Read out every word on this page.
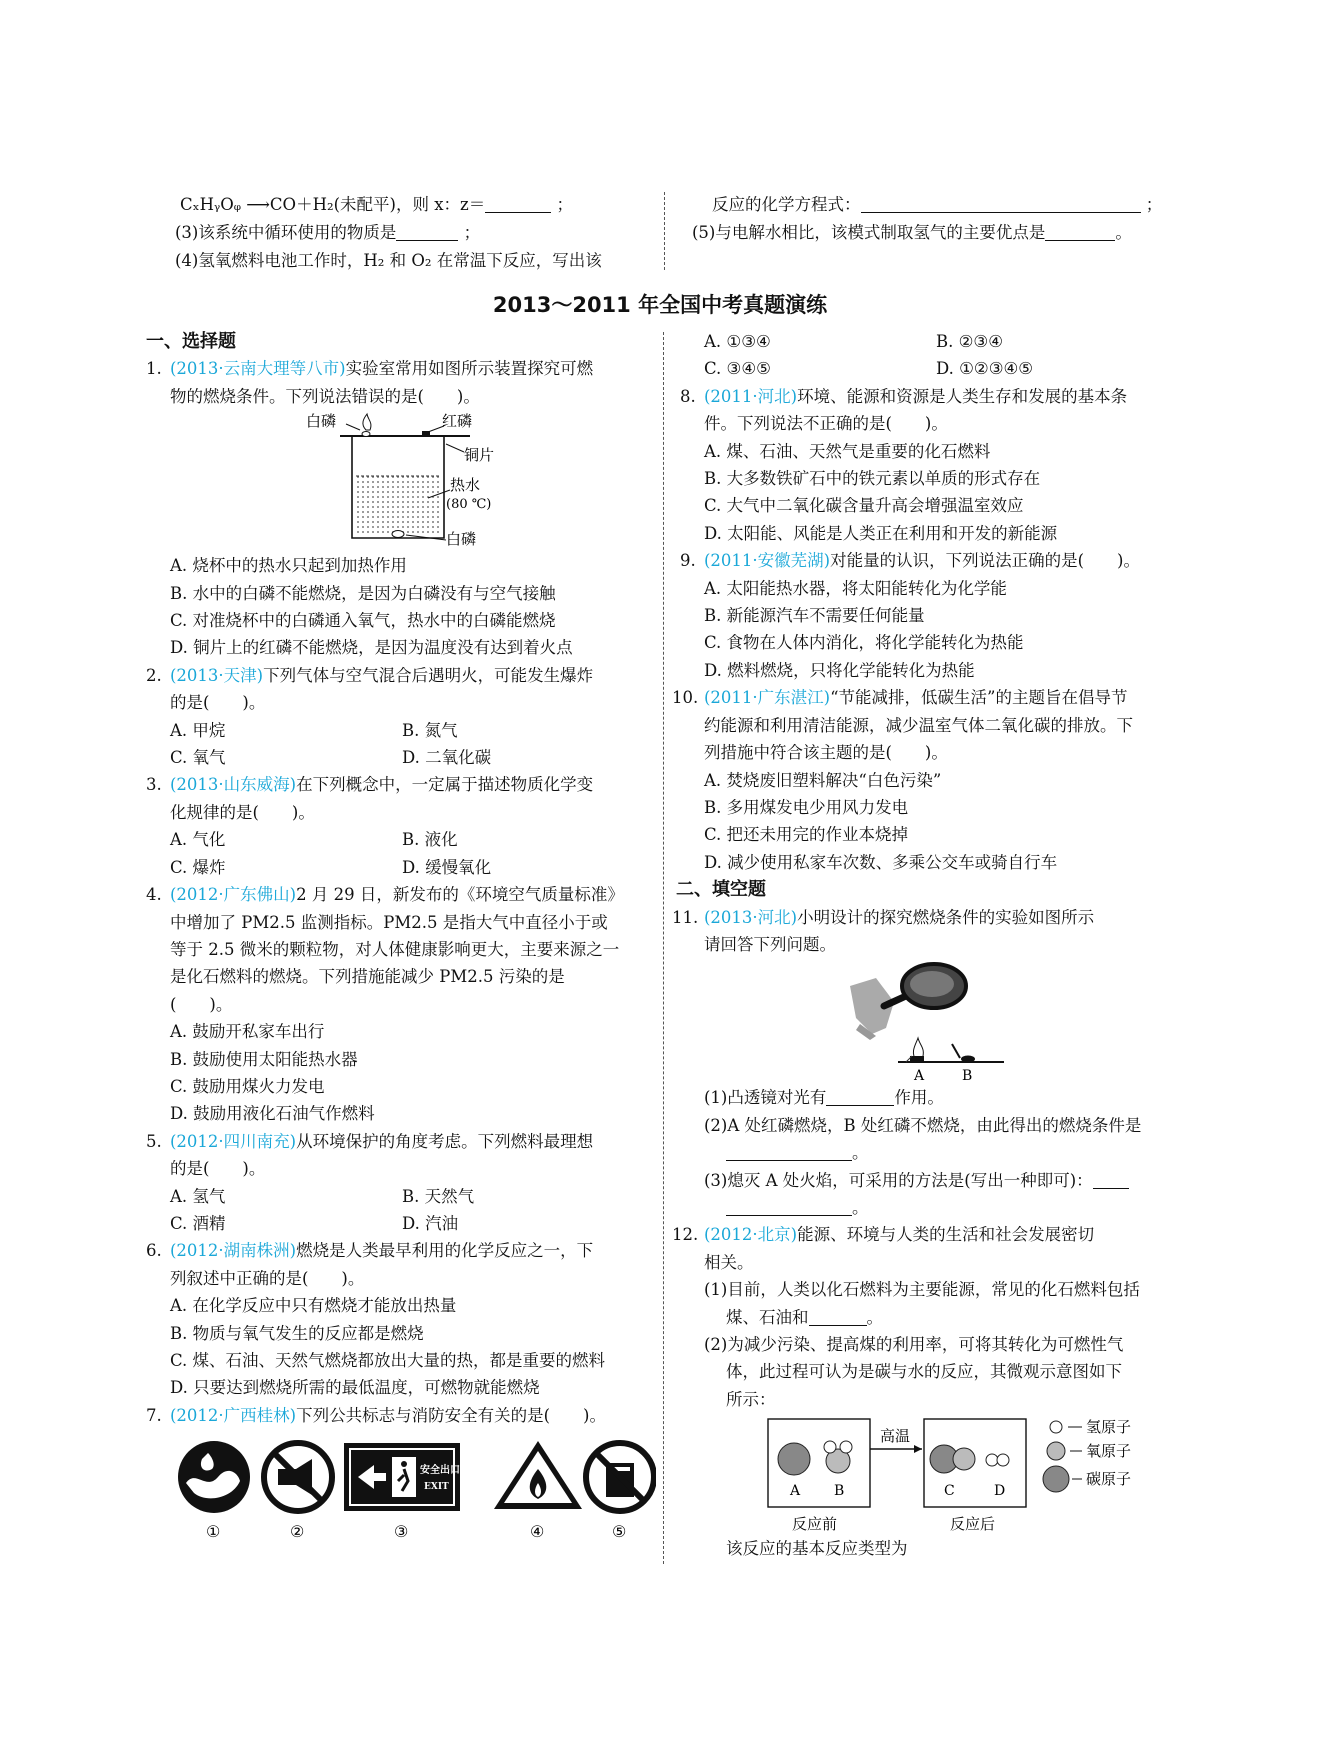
CₓHᵧOᵩ ⟶CO＋H₂(未配平)，则 x：z＝	；

(3)该系统中循环使用的物质是	；

(4)氢氧燃料电池工作时，H₂ 和 O₂ 在常温下反应，写出该

反应的化学方程式：	；

(5)与电解水相比，该模式制取氢气的主要优点是	。

2013～2011 年全国中考真题演练

一、选择题

1. (2013·云南大理等八市)实验室常用如图所示装置探究可燃

物的燃烧条件。下列说法错误的是(　　)。

白磷	红磷
铜片
热水
(80 ℃)
白磷

A. 烧杯中的热水只起到加热作用

B. 水中的白磷不能燃烧，是因为白磷没有与空气接触

C. 对准烧杯中的白磷通入氧气，热水中的白磷能燃烧

D. 铜片上的红磷不能燃烧，是因为温度没有达到着火点

2. (2013·天津)下列气体与空气混合后遇明火，可能发生爆炸

的是(　　)。

A. 甲烷	B. 氮气

C. 氧气	D. 二氧化碳

3. (2013·山东威海)在下列概念中，一定属于描述物质化学变

化规律的是(　　)。

A. 气化	B. 液化

C. 爆炸	D. 缓慢氧化

4. (2012·广东佛山)2 月 29 日，新发布的《环境空气质量标准》

中增加了 PM2.5 监测指标。PM2.5 是指大气中直径小于或

等于 2.5 微米的颗粒物，对人体健康影响更大，主要来源之一

是化石燃料的燃烧。下列措施能减少 PM2.5 污染的是

(　　)。

A. 鼓励开私家车出行

B. 鼓励使用太阳能热水器

C. 鼓励用煤火力发电

D. 鼓励用液化石油气作燃料

5. (2012·四川南充)从环境保护的角度考虑。下列燃料最理想

的是(　　)。

A. 氢气	B. 天然气

C. 酒精	D. 汽油

6. (2012·湖南株洲)燃烧是人类最早利用的化学反应之一，下

列叙述中正确的是(　　)。

A. 在化学反应中只有燃烧才能放出热量

B. 物质与氧气发生的反应都是燃烧

C. 煤、石油、天然气燃烧都放出大量的热，都是重要的燃料

D. 只要达到燃烧所需的最低温度，可燃物就能燃烧

7. (2012·广西桂林)下列公共标志与消防安全有关的是(　　)。

安全出口
EXIT
①	②	③	④	⑤

A. ①③④	B. ②③④

C. ③④⑤	D. ①②③④⑤

8. (2011·河北)环境、能源和资源是人类生存和发展的基本条

件。下列说法不正确的是(　　)。

A. 煤、石油、天然气是重要的化石燃料

B. 大多数铁矿石中的铁元素以单质的形式存在

C. 大气中二氧化碳含量升高会增强温室效应

D. 太阳能、风能是人类正在利用和开发的新能源

9. (2011·安徽芜湖)对能量的认识，下列说法正确的是(　　)。

A. 太阳能热水器，将太阳能转化为化学能

B. 新能源汽车不需要任何能量

C. 食物在人体内消化，将化学能转化为热能

D. 燃料燃烧，只将化学能转化为热能

10. (2011·广东湛江)“节能减排，低碳生活”的主题旨在倡导节

约能源和利用清洁能源，减少温室气体二氧化碳的排放。下

列措施中符合该主题的是(　　)。

A. 焚烧废旧塑料解决“白色污染”

B. 多用煤发电少用风力发电

C. 把还未用完的作业本烧掉

D. 减少使用私家车次数、多乘公交车或骑自行车

二、填空题

11. (2013·河北)小明设计的探究燃烧条件的实验如图所示

请回答下列问题。

A	B

(1)凸透镜对光有	作用。

(2)A 处红磷燃烧，B 处红磷不燃烧，由此得出的燃烧条件是

。

(3)熄灭 A 处火焰，可采用的方法是(写出一种即可)：

。

12. (2012·北京)能源、环境与人类的生活和社会发展密切

相关。

(1)目前，人类以化石燃料为主要能源，常见的化石燃料包括

煤、石油和	。

(2)为减少污染、提高煤的利用率，可将其转化为可燃性气

体，此过程可认为是碳与水的反应，其微观示意图如下

所示：

高温
A B	C	D
反应前	反应后
氢原子
氧原子
碳原子

该反应的基本反应类型为
